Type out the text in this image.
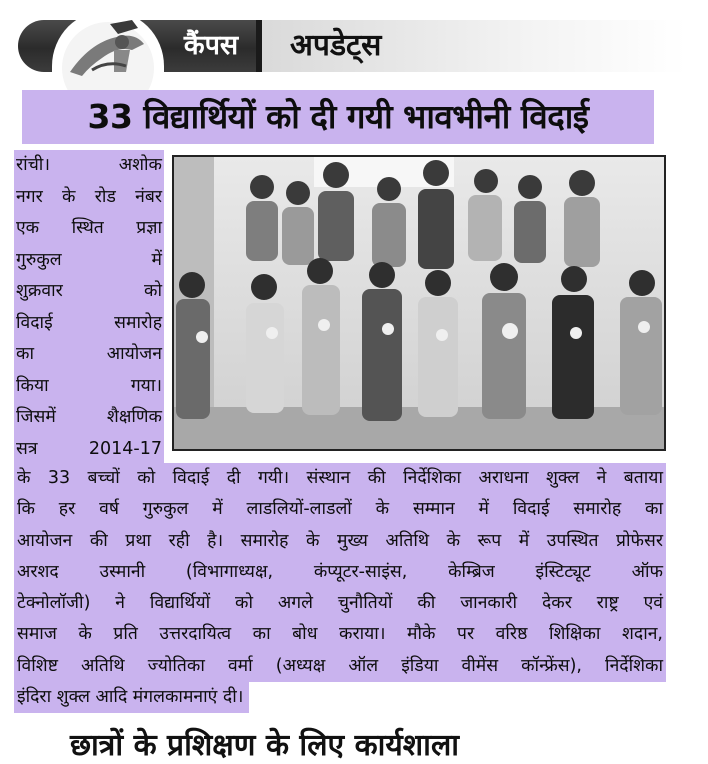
कैंपस	अपडेट्स
33 विद्यार्थियों को दी गयी भावभीनी विदाई
रांची। अशोक
नगर के रोड नंबर
एक स्थित प्रज्ञा
गुरुकुल में
शुक्रवार को
विदाई समारोह
का आयोजन
किया गया।
जिसमें शैक्षणिक
सत्र 2014-17
के 33 बच्चों को विदाई दी गयी। संस्थान की निर्देशिका अराधना शुक्ल ने बताया
कि हर वर्ष गुरुकुल में लाडलियों-लाडलों के सम्मान में विदाई समारोह का
आयोजन की प्रथा रही है। समारोह के मुख्य अतिथि के रूप में उपस्थित प्रोफेसर
अरशद उस्मानी (विभागाध्यक्ष, कंप्यूटर-साइंस, केम्ब्रिज इंस्टिट्यूट ऑफ
टेक्नोलॉजी) ने विद्यार्थियों को अगले चुनौतियों की जानकारी देकर राष्ट्र एवं
समाज के प्रति उत्तरदायित्व का बोध कराया। मौके पर वरिष्ठ शिक्षिका शदान,
विशिष्ट अतिथि ज्योतिका वर्मा (अध्यक्ष ऑल इंडिया वीमेंस कॉन्फ्रेंस), निर्देशिका
इंदिरा शुक्ल आदि मंगलकामनाएं दी।
छात्रों के प्रशिक्षण के लिए कार्यशाला
